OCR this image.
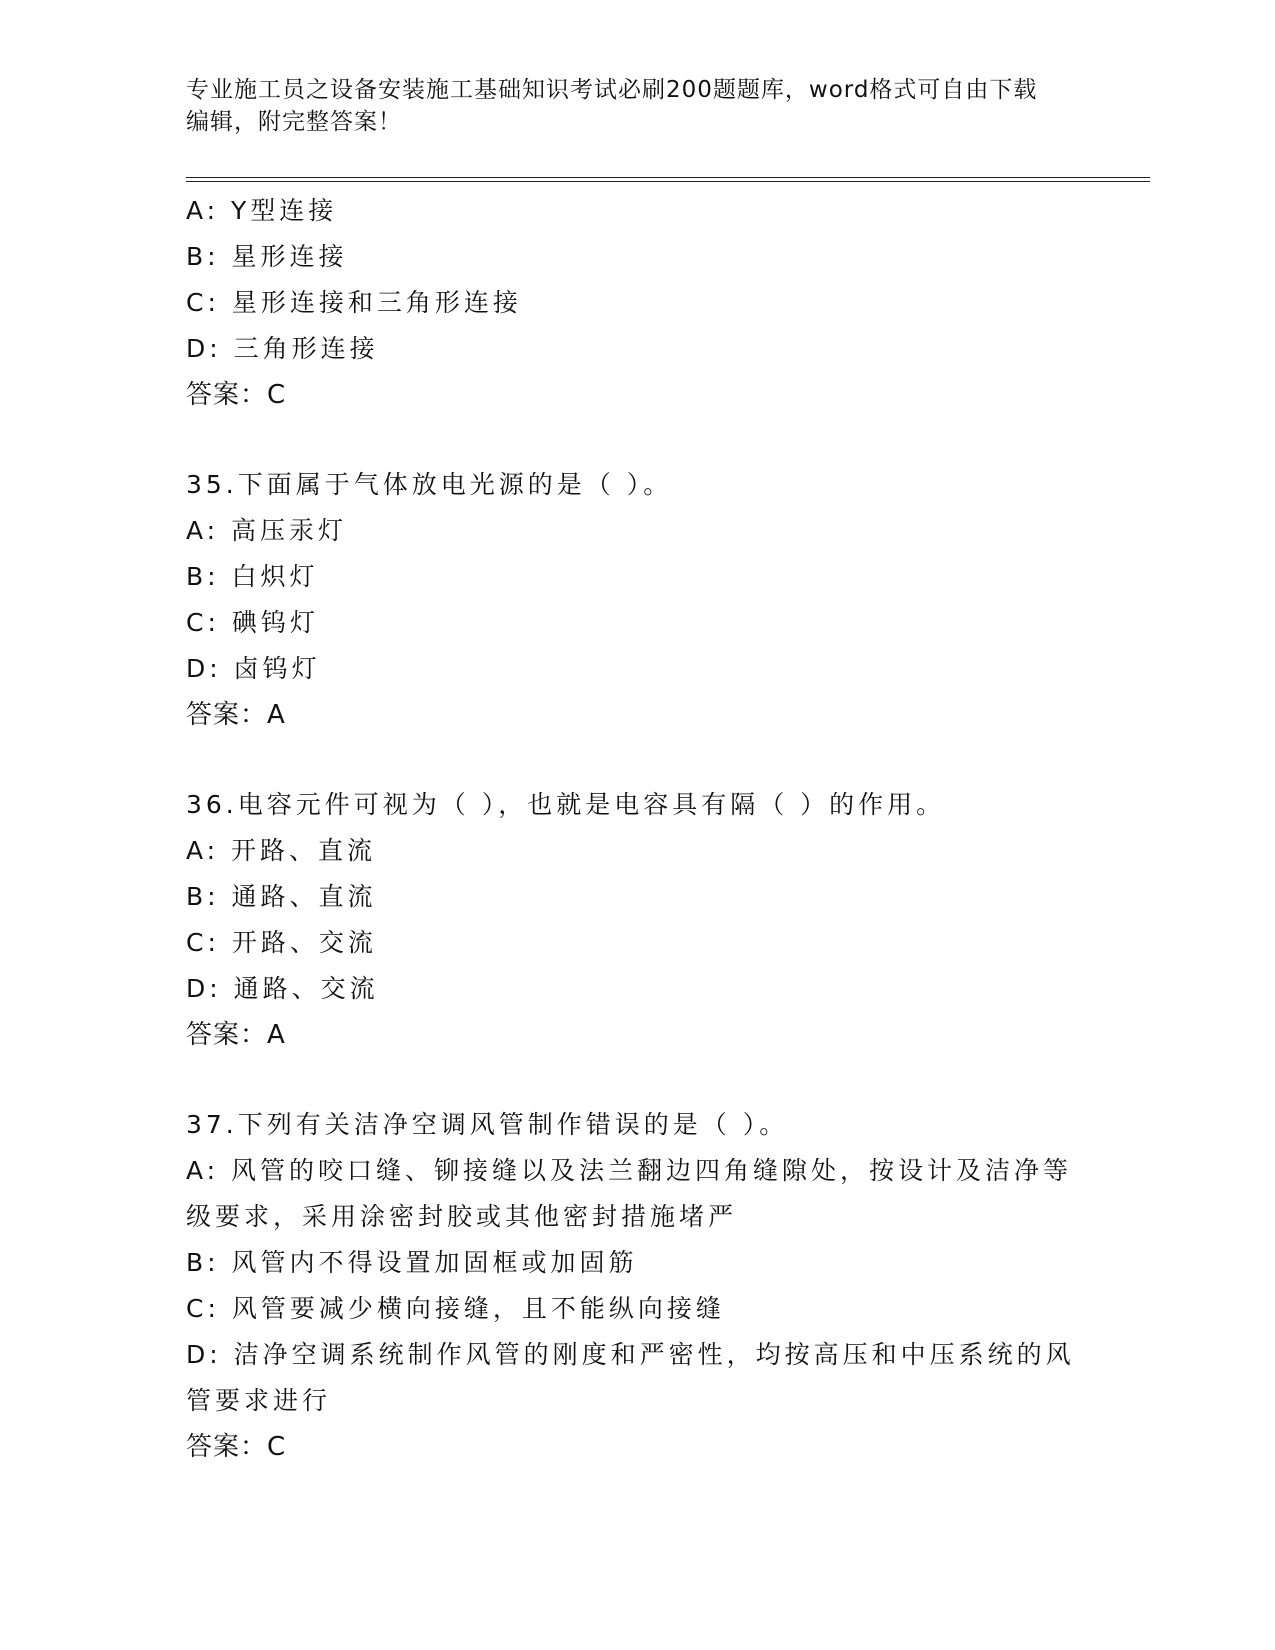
专业施工员之设备安装施工基础知识考试必刷200题题库，word格式可自由下载
编辑，附完整答案！
A: Y型连接
B: 星形连接
C: 星形连接和三角形连接
D: 三角形连接
答案：C
35.下面属于气体放电光源的是（ ）。
A: 高压汞灯
B: 白炽灯
C: 碘钨灯
D: 卤钨灯
答案：A
36.电容元件可视为（ ），也就是电容具有隔（ ）的作用。
A: 开路、直流
B: 通路、直流
C: 开路、交流
D: 通路、交流
答案：A
37.下列有关洁净空调风管制作错误的是（ ）。
A: 风管的咬口缝、铆接缝以及法兰翻边四角缝隙处，按设计及洁净等
级要求，采用涂密封胶或其他密封措施堵严
B: 风管内不得设置加固框或加固筋
C: 风管要减少横向接缝，且不能纵向接缝
D: 洁净空调系统制作风管的刚度和严密性，均按高压和中压系统的风
管要求进行
答案：C
